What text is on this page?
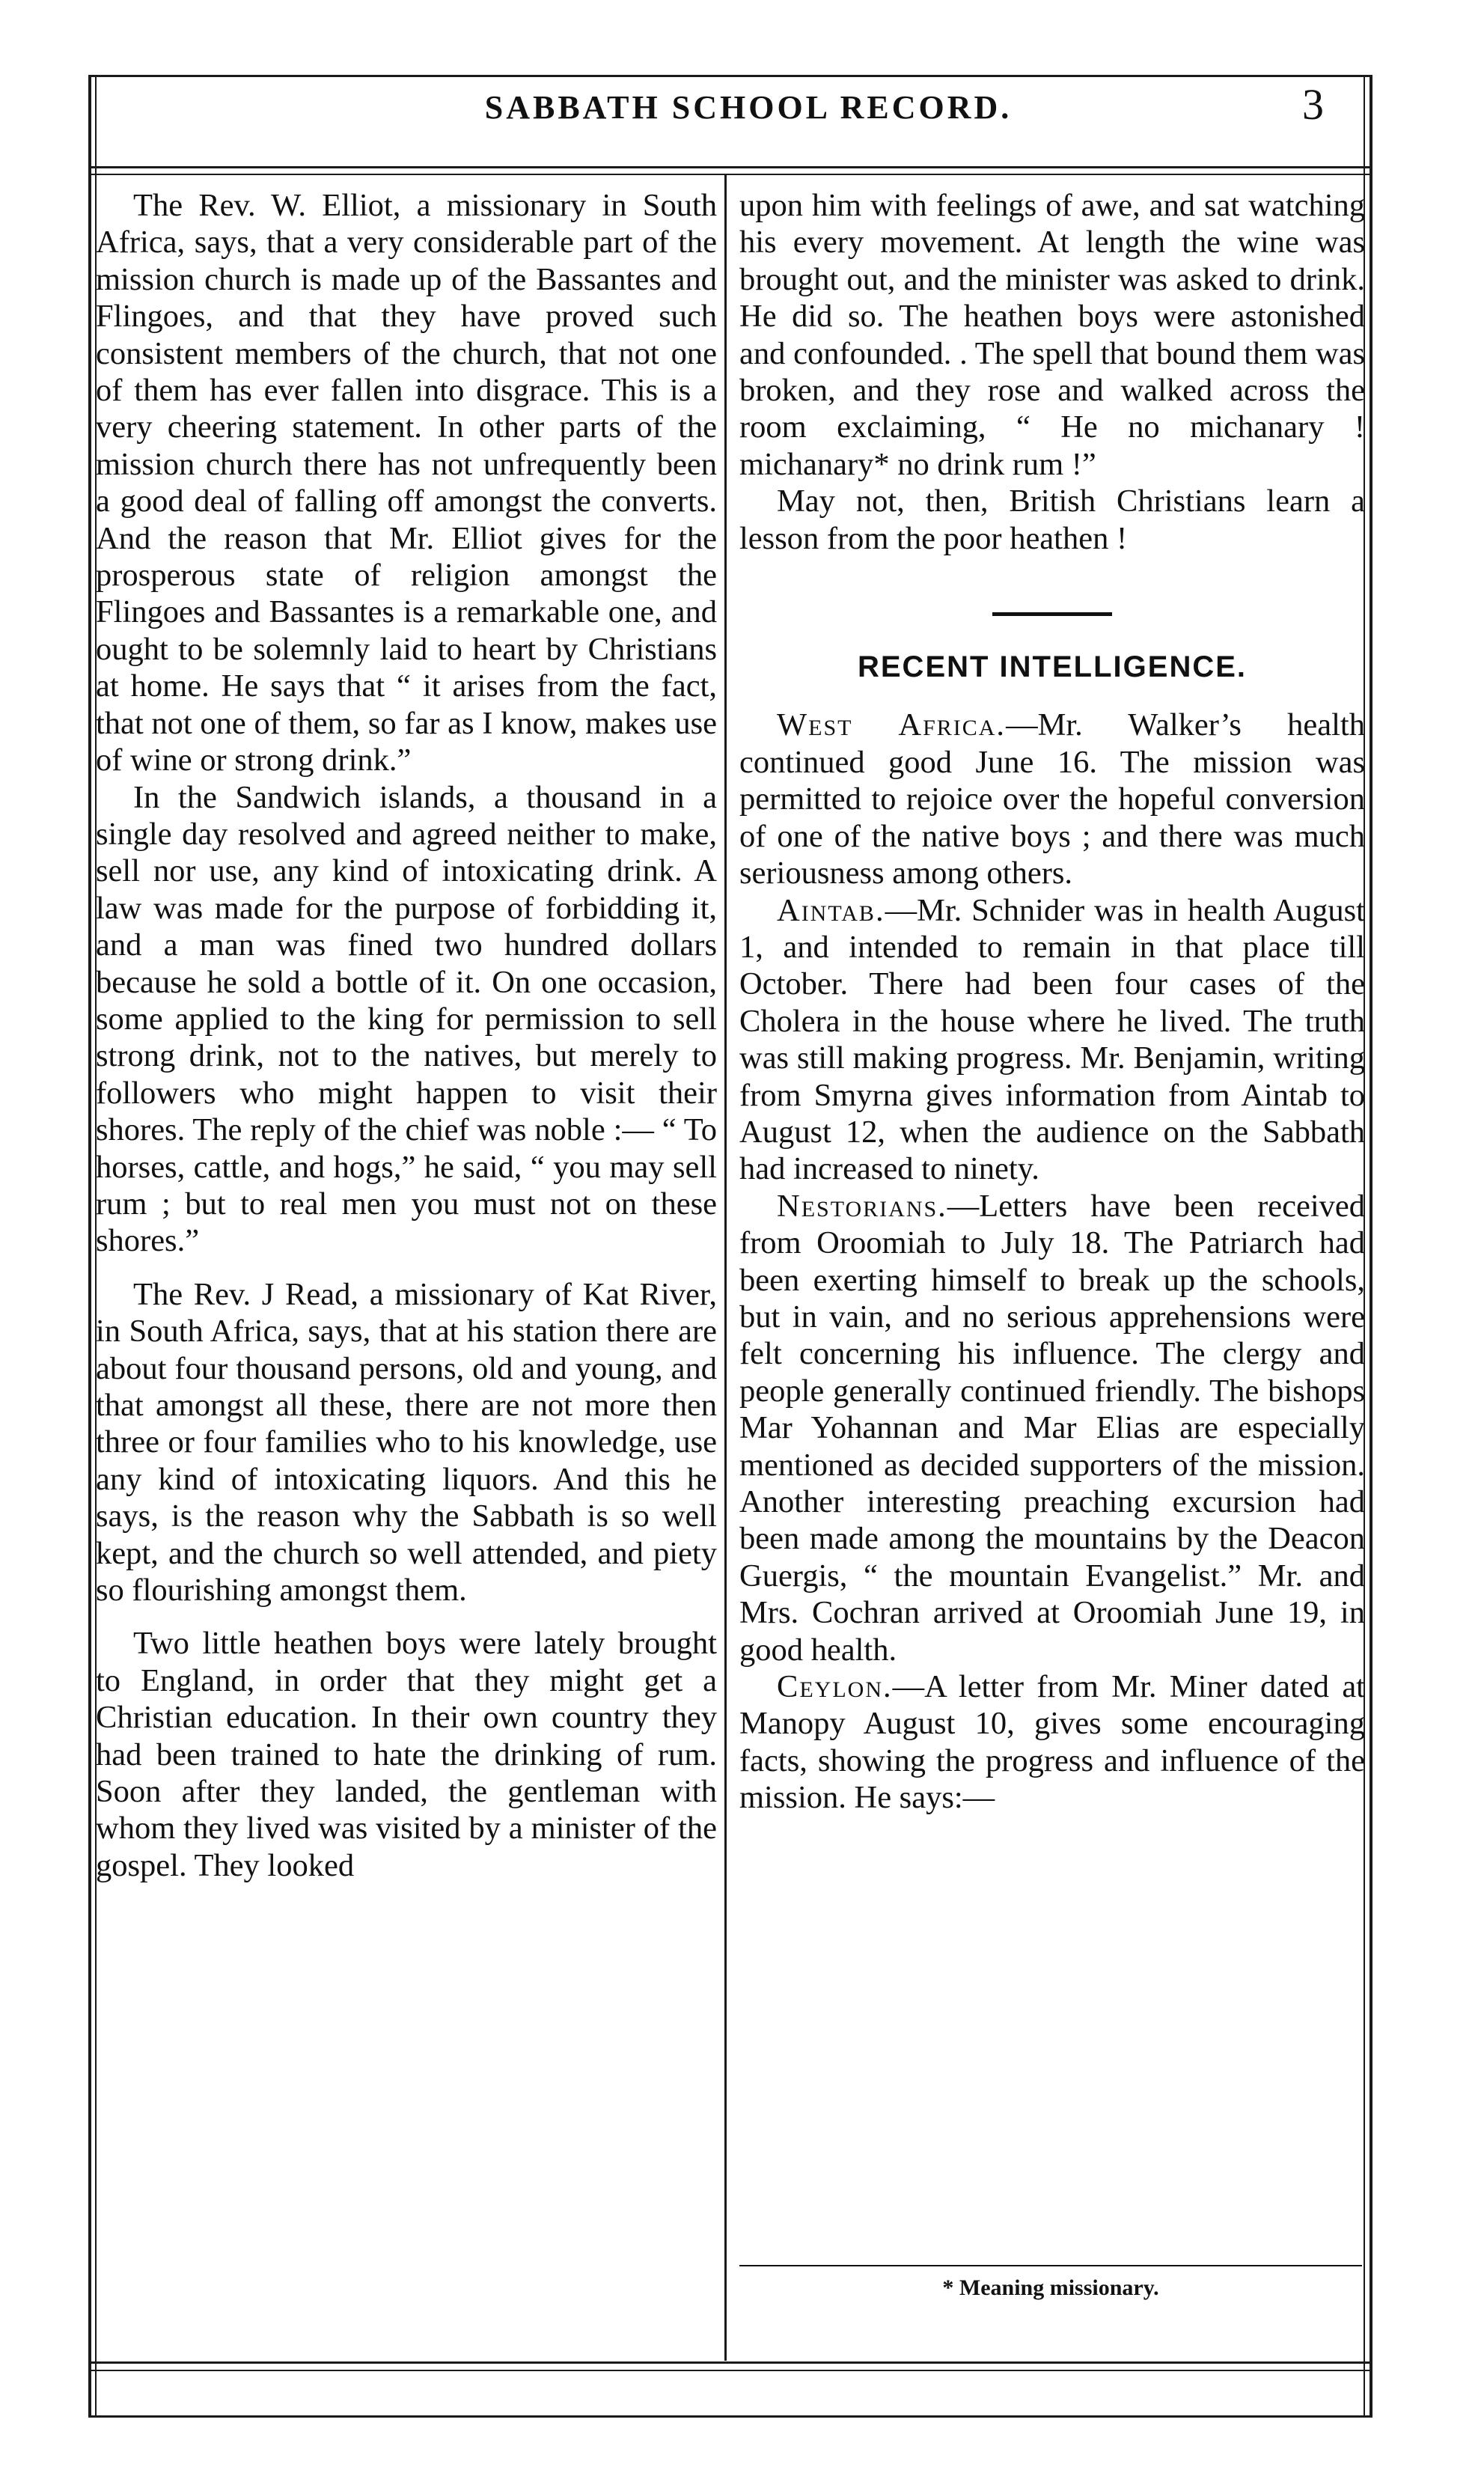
SABBATH SCHOOL RECORD.	3

The Rev. W. Elliot, a missionary in South Africa, says, that a very considerable part of the mission church is made up of the Bassantes and Flingoes, and that they have proved such consistent members of the church, that not one of them has ever fallen into disgrace. This is a very cheering statement. In other parts of the mission church there has not unfrequently been a good deal of falling off amongst the converts. And the reason that Mr. Elliot gives for the prosperous state of religion amongst the Flingoes and Bassantes is a remarkable one, and ought to be solemnly laid to heart by Christians at home. He says that “ it arises from the fact, that not one of them, so far as I know, makes use of wine or strong drink.”

In the Sandwich islands, a thousand in a single day resolved and agreed neither to make, sell nor use, any kind of intoxicating drink. A law was made for the purpose of forbidding it, and a man was fined two hundred dollars because he sold a bottle of it. On one occasion, some applied to the king for permission to sell strong drink, not to the natives, but merely to followers who might happen to visit their shores. The reply of the chief was noble :— “ To horses, cattle, and hogs,” he said, “ you may sell rum ; but to real men you must not on these shores.”

The Rev. J Read, a missionary of Kat River, in South Africa, says, that at his station there are about four thousand persons, old and young, and that amongst all these, there are not more then three or four families who to his knowledge, use any kind of intoxicating liquors. And this he says, is the reason why the Sabbath is so well kept, and the church so well attended, and piety so flourishing amongst them.

Two little heathen boys were lately brought to England, in order that they might get a Christian education. In their own country they had been trained to hate the drinking of rum. Soon after they landed, the gentleman with whom they lived was visited by a minister of the gospel. They looked

upon him with feelings of awe, and sat watching his every movement. At length the wine was brought out, and the minister was asked to drink. He did so. The heathen boys were astonished and confounded. . The spell that bound them was broken, and they rose and walked across the room exclaiming, “ He no michanary ! michanary* no drink rum !”

May not, then, British Christians learn a lesson from the poor heathen !

RECENT INTELLIGENCE.

West Africa.—Mr. Walker’s health continued good June 16. The mission was permitted to rejoice over the hopeful conversion of one of the native boys ; and there was much seriousness among others.

Aintab.—Mr. Schnider was in health August 1, and intended to remain in that place till October. There had been four cases of the Cholera in the house where he lived. The truth was still making progress. Mr. Benjamin, writing from Smyrna gives information from Aintab to August 12, when the audience on the Sabbath had increased to ninety.

Nestorians.—Letters have been received from Oroomiah to July 18. The Patriarch had been exerting himself to break up the schools, but in vain, and no serious apprehensions were felt concerning his influence. The clergy and people generally continued friendly. The bishops Mar Yohannan and Mar Elias are especially mentioned as decided supporters of the mission. Another interesting preaching excursion had been made among the mountains by the Deacon Guergis, “ the mountain Evangelist.” Mr. and Mrs. Cochran arrived at Oroomiah June 19, in good health.

Ceylon.—A letter from Mr. Miner dated at Manopy August 10, gives some encouraging facts, showing the progress and influence of the mission. He says:—

* Meaning missionary.
